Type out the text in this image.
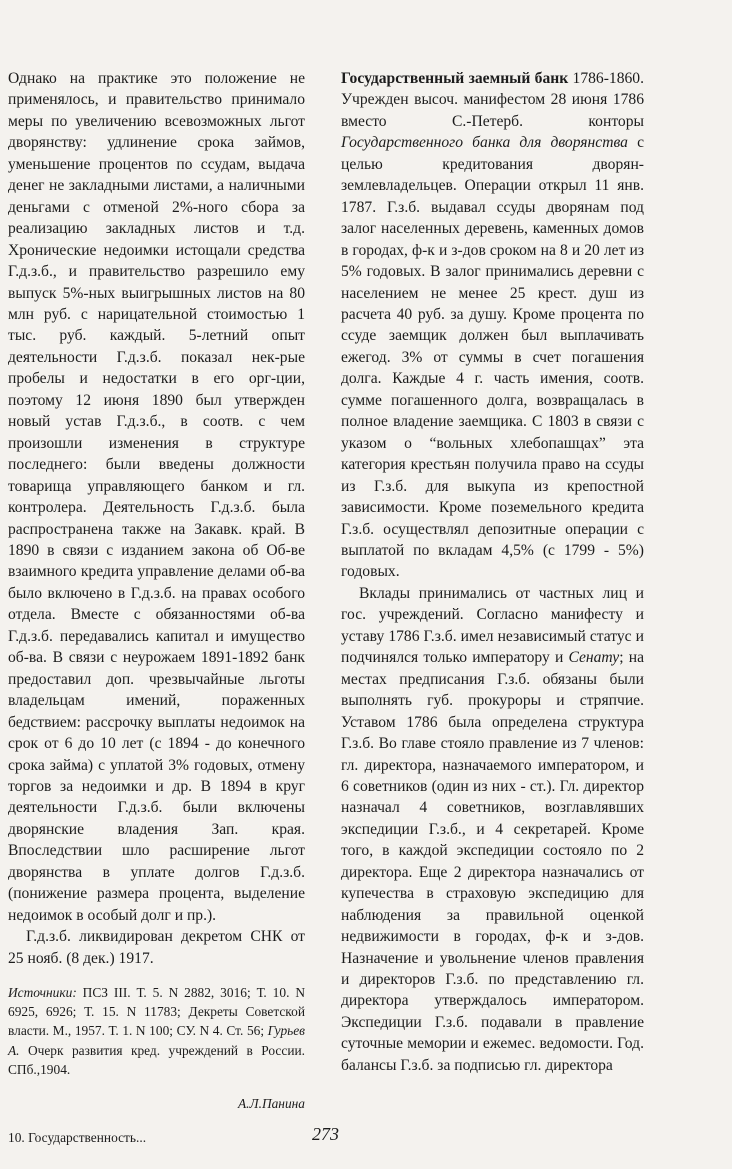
Однако на практике это положение не применялось, и правительство принимало меры по увеличению всевозможных льгот дворянству: удлинение срока займов, уменьшение процентов по ссудам, выдача денег не закладными листами, а наличными деньгами с отменой 2%-ного сбора за реализацию закладных листов и т.д. Хронические недоимки истощали средства Г.д.з.б., и правительство разрешило ему выпуск 5%-ных выигрышных листов на 80 млн руб. с нарицательной стоимостью 1 тыс. руб. каждый. 5-летний опыт деятельности Г.д.з.б. показал нек-рые пробелы и недостатки в его орг-ции, поэтому 12 июня 1890 был утвержден новый устав Г.д.з.б., в соотв. с чем произошли изменения в структуре последнего: были введены должности товарища управляющего банком и гл. контролера. Деятельность Г.д.з.б. была распространена также на Закавк. край. В 1890 в связи с изданием закона об Об-ве взаимного кредита управление делами об-ва было включено в Г.д.з.б. на правах особого отдела. Вместе с обязанностями об-ва Г.д.з.б. передавались капитал и имущество об-ва. В связи с неурожаем 1891-1892 банк предоставил доп. чрезвычайные льготы владельцам имений, пораженных бедствием: рассрочку выплаты недоимок на срок от 6 до 10 лет (с 1894 - до конечного срока займа) с уплатой 3% годовых, отмену торгов за недоимки и др. В 1894 в круг деятельности Г.д.з.б. были включены дворянские владения Зап. края. Впоследствии шло расширение льгот дворянства в уплате долгов Г.д.з.б. (понижение размера процента, выделение недоимок в особый долг и пр.).

Г.д.з.б. ликвидирован декретом СНК от 25 нояб. (8 дек.) 1917.

Источники: ПСЗ III. Т. 5. N 2882, 3016; Т. 10. N 6925, 6926; Т. 15. N 11783; Декреты Советской власти. М., 1957. Т. 1. N 100; СУ. N 4. Ст. 56; Гурьев А. Очерк развития кред. учреждений в России. СПб.,1904.

А.Л.Панина

Государственный заемный банк 1786-1860. Учрежден высоч. манифестом 28 июня 1786 вместо С.-Петерб. конторы Государственного банка для дворянства с целью кредитования дворян-землевладельцев. Операции открыл 11 янв. 1787. Г.з.б. выдавал ссуды дворянам под залог населенных деревень, каменных домов в городах, ф-к и з-дов сроком на 8 и 20 лет из 5% годовых. В залог принимались деревни с населением не менее 25 крест. душ из расчета 40 руб. за душу. Кроме процента по ссуде заемщик должен был выплачивать ежегод. 3% от суммы в счет погашения долга. Каждые 4 г. часть имения, соотв. сумме погашенного долга, возвращалась в полное владение заемщика. С 1803 в связи с указом о “вольных хлебопашцах” эта категория крестьян получила право на ссуды из Г.з.б. для выкупа из крепостной зависимости. Кроме поземельного кредита Г.з.б. осуществлял депозитные операции с выплатой по вкладам 4,5% (с 1799 - 5%) годовых.

Вклады принимались от частных лиц и гос. учреждений. Согласно манифесту и уставу 1786 Г.з.б. имел независимый статус и подчинялся только императору и Сенату; на местах предписания Г.з.б. обязаны были выполнять губ. прокуроры и стряпчие. Уставом 1786 была определена структура Г.з.б. Во главе стояло правление из 7 членов: гл. директора, назначаемого императором, и 6 советников (один из них - ст.). Гл. директор назначал 4 советников, возглавлявших экспедиции Г.з.б., и 4 секретарей. Кроме того, в каждой экспедиции состояло по 2 директора. Еще 2 директора назначались от купечества в страховую экспедицию для наблюдения за правильной оценкой недвижимости в городах, ф-к и з-дов. Назначение и увольнение членов правления и директоров Г.з.б. по представлению гл. директора утверждалось императором. Экспедиции Г.з.б. подавали в правление суточные мемории и ежемес. ведомости. Год. балансы Г.з.б. за подписью гл. директора

10. Государственность...	273
